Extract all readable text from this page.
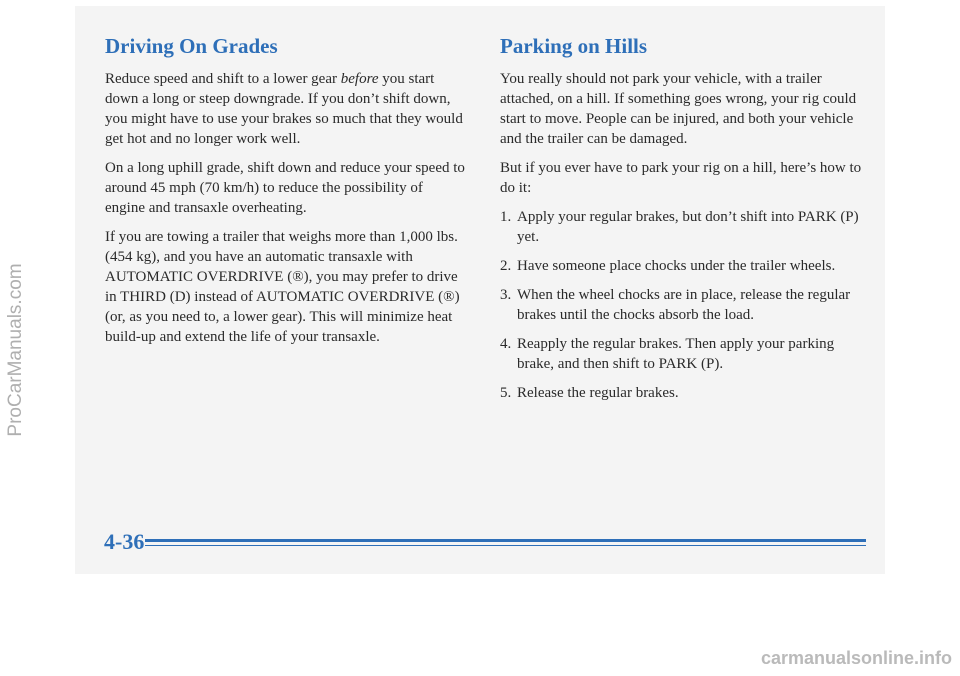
Driving On Grades

Reduce speed and shift to a lower gear before you start down a long or steep downgrade. If you don’t shift down, you might have to use your brakes so much that they would get hot and no longer work well.

On a long uphill grade, shift down and reduce your speed to around 45 mph (70 km/h) to reduce the possibility of engine and transaxle overheating.

If you are towing a trailer that weighs more than 1,000 lbs. (454 kg), and you have an automatic transaxle with AUTOMATIC OVERDRIVE (®), you may prefer to drive in THIRD (D) instead of AUTOMATIC OVERDRIVE (®) (or, as you need to, a lower gear). This will minimize heat build-up and extend the life of your transaxle.

Parking on Hills

You really should not park your vehicle, with a trailer attached, on a hill. If something goes wrong, your rig could start to move. People can be injured, and both your vehicle and the trailer can be damaged.

But if you ever have to park your rig on a hill, here’s how to do it:

1. Apply your regular brakes, but don’t shift into PARK (P) yet.
2. Have someone place chocks under the trailer wheels.
3. When the wheel chocks are in place, release the regular brakes until the chocks absorb the load.
4. Reapply the regular brakes. Then apply your parking brake, and then shift to PARK (P).
5. Release the regular brakes.
4-36
ProCarManuals.com
carmanualsonline.info
